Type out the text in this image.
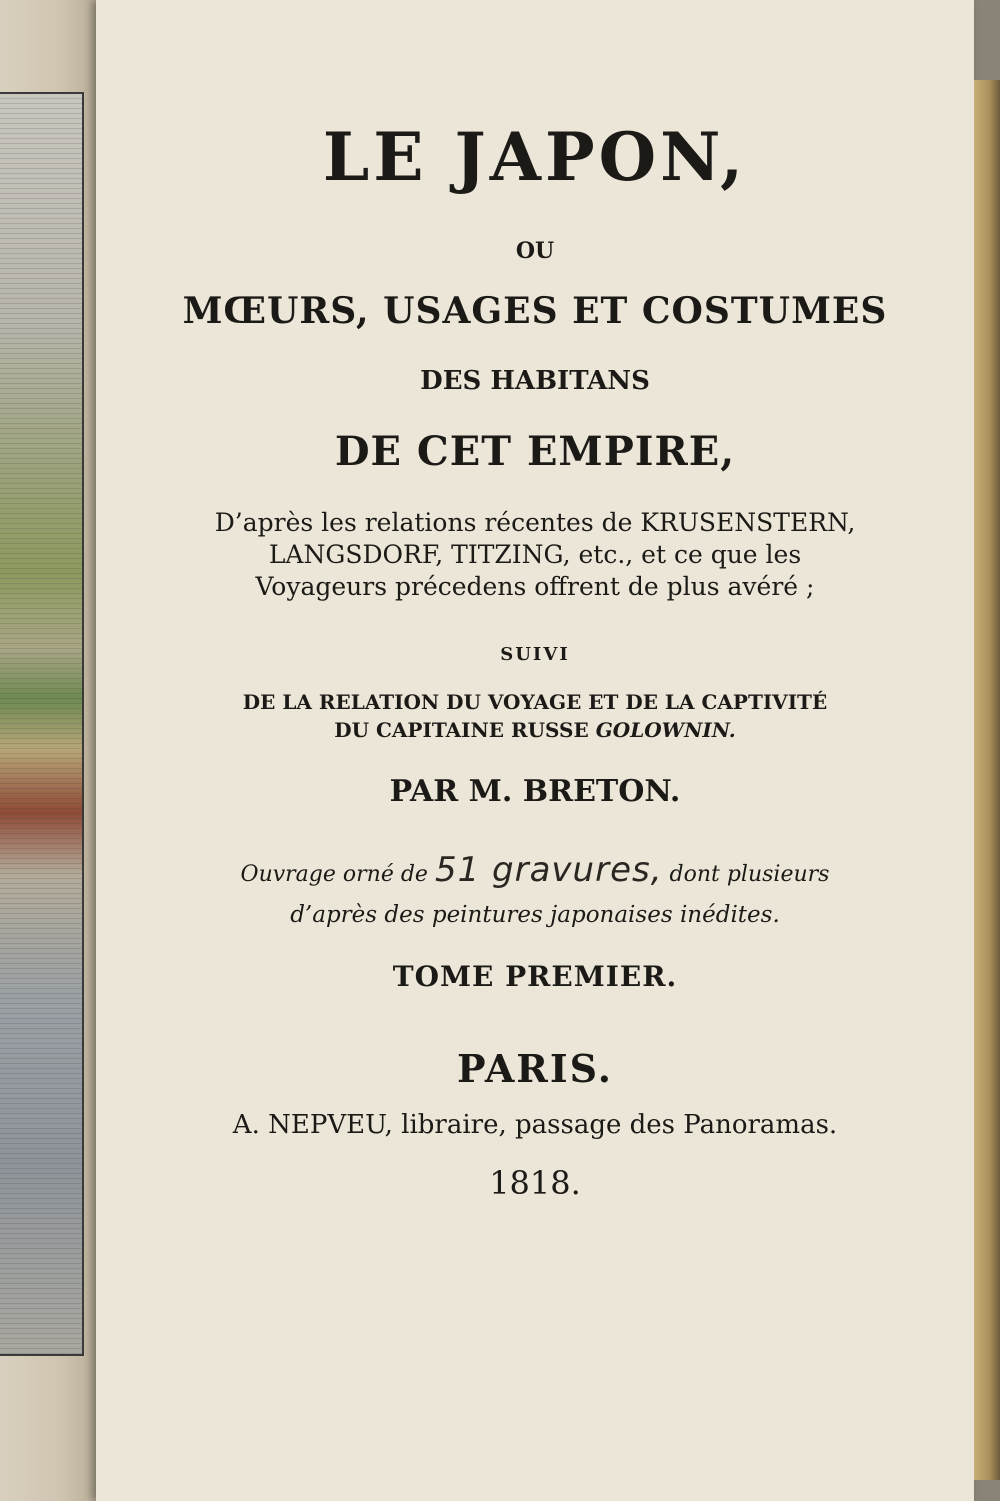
LE JAPON,

OU

MŒURS, USAGES ET COSTUMES

DES HABITANS

DE CET EMPIRE,

D’après les relations récentes de KRUSENSTERN,

LANGSDORF, TITZING, etc., et ce que les

Voyageurs précedens offrent de plus avéré ;

SUIVI

DE LA RELATION DU VOYAGE ET DE LA CAPTIVITÉ

DU CAPITAINE RUSSE GOLOWNIN.

PAR M. BRETON.

Ouvrage orné de 51 gravures, dont plusieurs

d’après des peintures japonaises inédites.

TOME PREMIER.

PARIS.

A. NEPVEU, libraire, passage des Panoramas.

1818.
